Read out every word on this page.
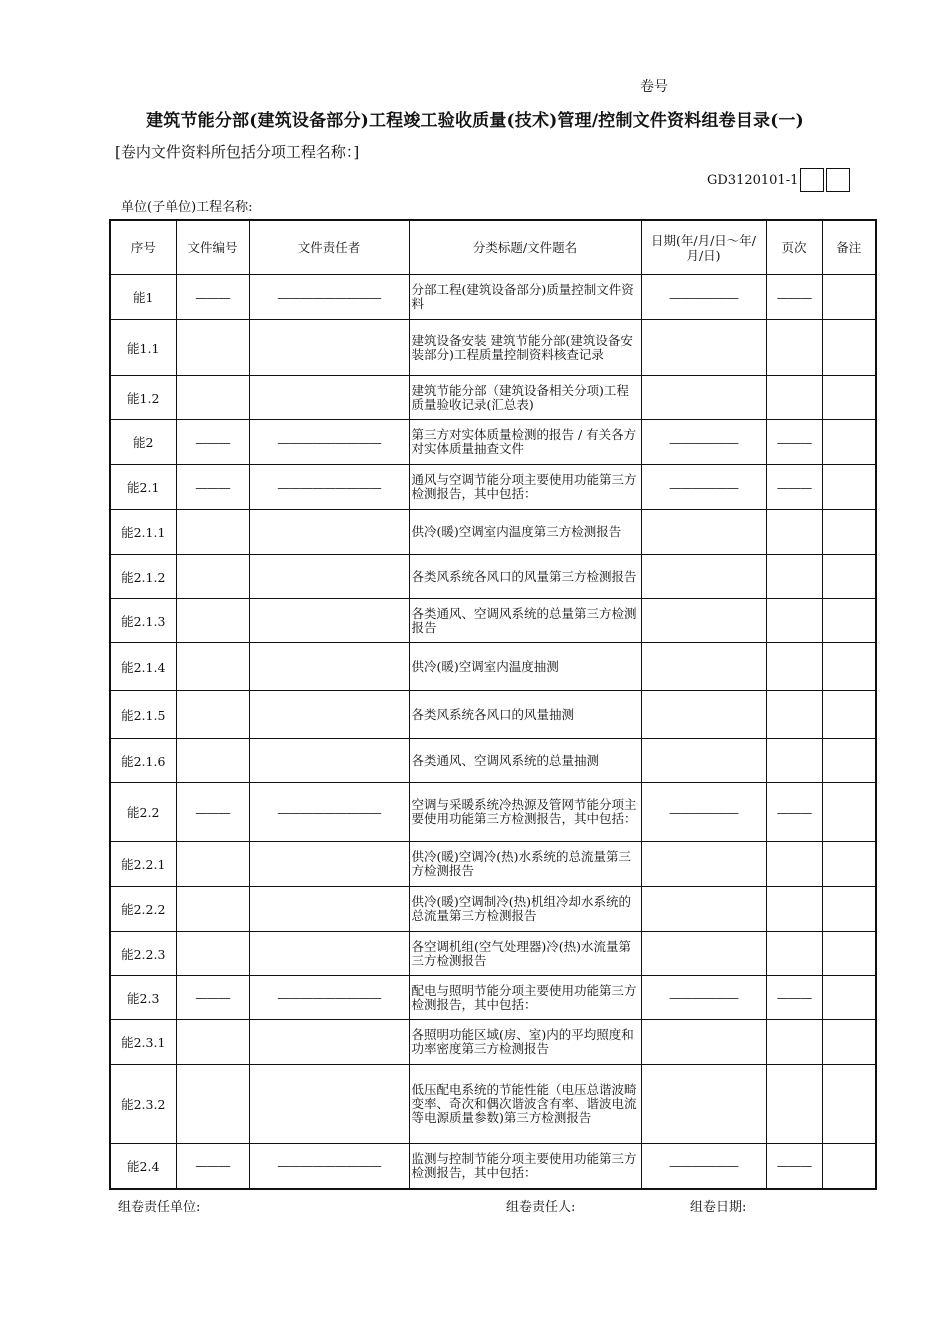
卷号
建筑节能分部(建筑设备部分)工程竣工验收质量(技术)管理/控制文件资料组卷目录(一)
[卷内文件资料所包括分项工程名称：]
GD3120101-1
单位(子单位)工程名称:
序号	文件编号	文件责任者	分类标题/文件题名	日期(年/月/日～年/月/日)	页次	备注
能1	———	—————————	分部工程(建筑设备部分)质量控制文件资料	——————	———	
能1.1			建筑设备安装 建筑节能分部(建筑设备安装部分)工程质量控制资料核查记录			
能1.2			建筑节能分部（建筑设备相关分项)工程质量验收记录(汇总表)			
能2	———	—————————	第三方对实体质量检测的报告 / 有关各方对实体质量抽查文件	——————	———	
能2.1	———	—————————	通风与空调节能分项主要使用功能第三方检测报告，其中包括：	——————	———	
能2.1.1			供冷(暖)空调室内温度第三方检测报告			
能2.1.2			各类风系统各风口的风量第三方检测报告			
能2.1.3			各类通风、空调风系统的总量第三方检测报告			
能2.1.4			供冷(暖)空调室内温度抽测			
能2.1.5			各类风系统各风口的风量抽测			
能2.1.6			各类通风、空调风系统的总量抽测			
能2.2	———	—————————	空调与采暖系统冷热源及管网节能分项主要使用功能第三方检测报告，其中包括：	——————	———	
能2.2.1			供冷(暖)空调冷(热)水系统的总流量第三方检测报告			
能2.2.2			供冷(暖)空调制冷(热)机组冷却水系统的总流量第三方检测报告			
能2.2.3			各空调机组(空气处理器)冷(热)水流量第三方检测报告			
能2.3	———	—————————	配电与照明节能分项主要使用功能第三方检测报告，其中包括：	——————	———	
能2.3.1			各照明功能区域(房、室)内的平均照度和功率密度第三方检测报告			
能2.3.2			低压配电系统的节能性能（电压总谐波畸变率、奇次和偶次谐波含有率、谐波电流等电源质量参数)第三方检测报告			
能2.4	———	—————————	监测与控制节能分项主要使用功能第三方检测报告，其中包括：	——————	———	
组卷责任单位:	组卷责任人:	组卷日期:
